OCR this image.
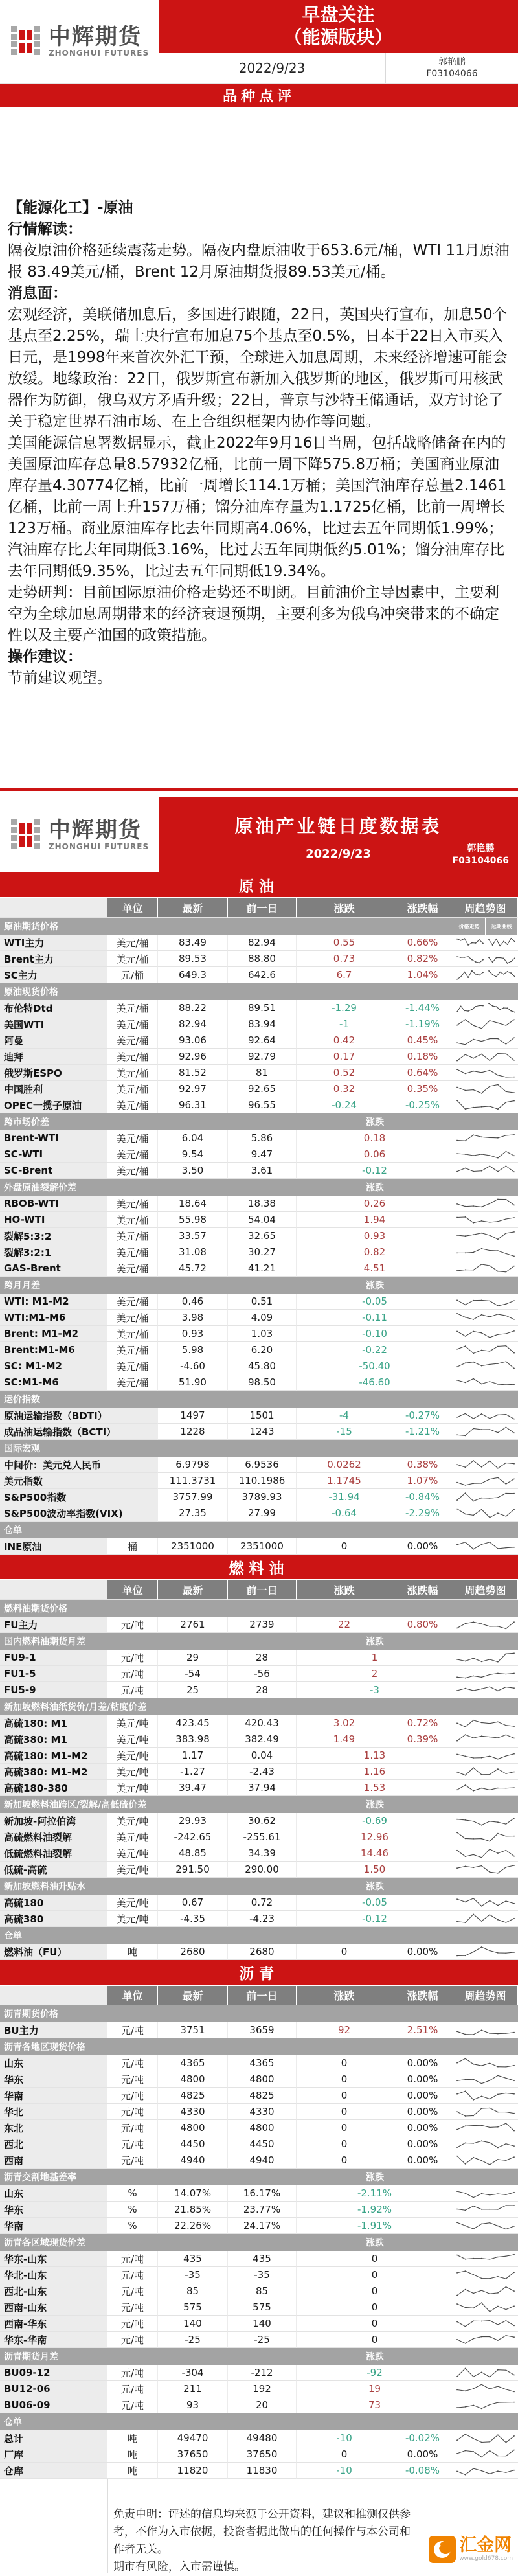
中辉期货
ZHONGHUI FUTURES
早盘关注
（能源版块）
2022/9/23	郭艳鹏
F03104066
品种点评
【能源化工】-原油
行情解读：
隔夜原油价格延续震荡走势。隔夜内盘原油收于653.6元/桶，WTI 11月原油报 83.49美元/桶，Brent 12月原油期货报89.53美元/桶。
消息面：
宏观经济，美联储加息后，多国进行跟随，22日，英国央行宣布，加息50个基点至2.25%，瑞士央行宣布加息75个基点至0.5%，日本于22日入市买入日元，是1998年来首次外汇干预，全球进入加息周期，未来经济增速可能会放缓。地缘政治：22日，俄罗斯宣布新加入俄罗斯的地区，俄罗斯可用核武器作为防御，俄乌双方矛盾升级；22日，普京与沙特王储通话，双方讨论了关于稳定世界石油市场、在上合组织框架内协作等问题。
美国能源信息署数据显示，截止2022年9月16日当周，包括战略储备在内的美国原油库存总量8.57932亿桶，比前一周下降575.8万桶；美国商业原油库存量4.30774亿桶，比前一周增长114.1万桶；美国汽油库存总量2.1461亿桶，比前一周上升157万桶；馏分油库存量为1.1725亿桶，比前一周增长123万桶。商业原油库存比去年同期高4.06%，比过去五年同期低1.99%；汽油库存比去年同期低3.16%，比过去五年同期低约5.01%；馏分油库存比去年同期低9.35%，比过去五年同期低19.34%。
走势研判：目前国际原油价格走势还不明朗。目前油价主导因素中，主要利空为全球加息周期带来的经济衰退预期，主要利多为俄乌冲突带来的不确定性以及主要产油国的政策措施。
操作建议：
节前建议观望。
中辉期货
ZHONGHUI FUTURES
原油产业链日度数据表
2022/9/23	郭艳鹏
F03104066
原油
单位	最新	前一日	涨跌	涨跌幅	周趋势图
原油期货价格	价格走势	远期曲线
WTI主力	美元/桶	83.49	82.94	0.55	0.66%
Brent主力	美元/桶	89.53	88.80	0.73	0.82%
SC主力	元/桶	649.3	642.6	6.7	1.04%
原油现货价格
布伦特Dtd	美元/桶	88.22	89.51	-1.29	-1.44%
美国WTI	美元/桶	82.94	83.94	-1	-1.19%
阿曼	美元/桶	93.06	92.64	0.42	0.45%
迪拜	美元/桶	92.96	92.79	0.17	0.18%
俄罗斯ESPO	美元/桶	81.52	81	0.52	0.64%
中国胜利	美元/桶	92.97	92.65	0.32	0.35%
OPEC一揽子原油	美元/桶	96.31	96.55	-0.24	-0.25%
跨市场价差	涨跌
Brent-WTI	美元/桶	6.04	5.86	0.18
SC-WTI	美元/桶	9.54	9.47	0.06
SC-Brent	美元/桶	3.50	3.61	-0.12
外盘原油裂解价差	涨跌
RBOB-WTI	美元/桶	18.64	18.38	0.26
HO-WTI	美元/桶	55.98	54.04	1.94
裂解5:3:2	美元/桶	33.57	32.65	0.93
裂解3:2:1	美元/桶	31.08	30.27	0.82
GAS-Brent	美元/桶	45.72	41.21	4.51
跨月月差	涨跌
WTI: M1-M2	美元/桶	0.46	0.51	-0.05
WTI:M1-M6	美元/桶	3.98	4.09	-0.11
Brent: M1-M2	美元/桶	0.93	1.03	-0.10
Brent:M1-M6	美元/桶	5.98	6.20	-0.22
SC: M1-M2	美元/桶	-4.60	45.80	-50.40
SC:M1-M6	美元/桶	51.90	98.50	-46.60
运价指数
原油运输指数（BDTI）	1497	1501	-4	-0.27%
成品油运输指数（BCTI）	1228	1243	-15	-1.21%
国际宏观
中间价：美元兑人民币	6.9798	6.9536	0.0262	0.38%
美元指数	111.3731	110.1986	1.1745	1.07%
S&P500指数	3757.99	3789.93	-31.94	-0.84%
S&P500波动率指数(VIX)	27.35	27.99	-0.64	-2.29%
仓单
INE原油	桶	2351000	2351000	0	0.00%
燃料油
单位	最新	前一日	涨跌	涨跌幅	周趋势图
燃料油期货价格
FU主力	元/吨	2761	2739	22	0.80%
国内燃料油期货月差	涨跌
FU9-1	元/吨	29	28	1
FU1-5	元/吨	-54	-56	2
FU5-9	元/吨	25	28	-3
新加坡燃料油纸货价/月差/粘度价差
高硫180: M1	美元/吨	423.45	420.43	3.02	0.72%
高硫380: M1	美元/吨	383.98	382.49	1.49	0.39%
高硫180: M1-M2	美元/吨	1.17	0.04	1.13
高硫380: M1-M2	美元/吨	-1.27	-2.43	1.16
高硫180-380	美元/吨	39.47	37.94	1.53
新加坡燃料油跨区/裂解/高低硫价差	涨跌
新加坡-阿拉伯湾	美元/吨	29.93	30.62	-0.69
高硫燃料油裂解	美元/吨	-242.65	-255.61	12.96
低硫燃料油裂解	美元/吨	48.85	34.39	14.46
低硫-高硫	美元/吨	291.50	290.00	1.50
新加坡燃料油升贴水	涨跌
高硫180	美元/吨	0.67	0.72	-0.05
高硫380	美元/吨	-4.35	-4.23	-0.12
仓单
燃料油（FU）	吨	2680	2680	0	0.00%
沥青
单位	最新	前一日	涨跌	涨跌幅	周趋势图
沥青期货价格
BU主力	元/吨	3751	3659	92	2.51%
沥青各地区现货价格
山东	元/吨	4365	4365	0	0.00%
华东	元/吨	4800	4800	0	0.00%
华南	元/吨	4825	4825	0	0.00%
华北	元/吨	4330	4330	0	0.00%
东北	元/吨	4800	4800	0	0.00%
西北	元/吨	4450	4450	0	0.00%
西南	元/吨	4940	4940	0	0.00%
沥青交割地基差率	涨跌
山东	%	14.07%	16.17%	-2.11%
华东	%	21.85%	23.77%	-1.92%
华南	%	22.26%	24.17%	-1.91%
沥青各区域现货价差	涨跌
华东-山东	元/吨	435	435	0
华北-山东	元/吨	-35	-35	0
西北-山东	元/吨	85	85	0
西南-山东	元/吨	575	575	0
西南-华东	元/吨	140	140	0
华东-华南	元/吨	-25	-25	0
沥青期货月差	涨跌
BU09-12	元/吨	-304	-212	-92
BU12-06	元/吨	211	192	19
BU06-09	元/吨	93	20	73
仓单
总计	吨	49470	49480	-10	-0.02%
厂库	吨	37650	37650	0	0.00%
仓库	吨	11820	11830	-10	-0.08%
免责申明：评述的信息均来源于公开资料，建议和推测仅供参考，不作为入市依据，投资者据此做出的任何操作与本公司和作者无关。
期市有风险，入市需谨慎。
汇金网
www.gold678.com
